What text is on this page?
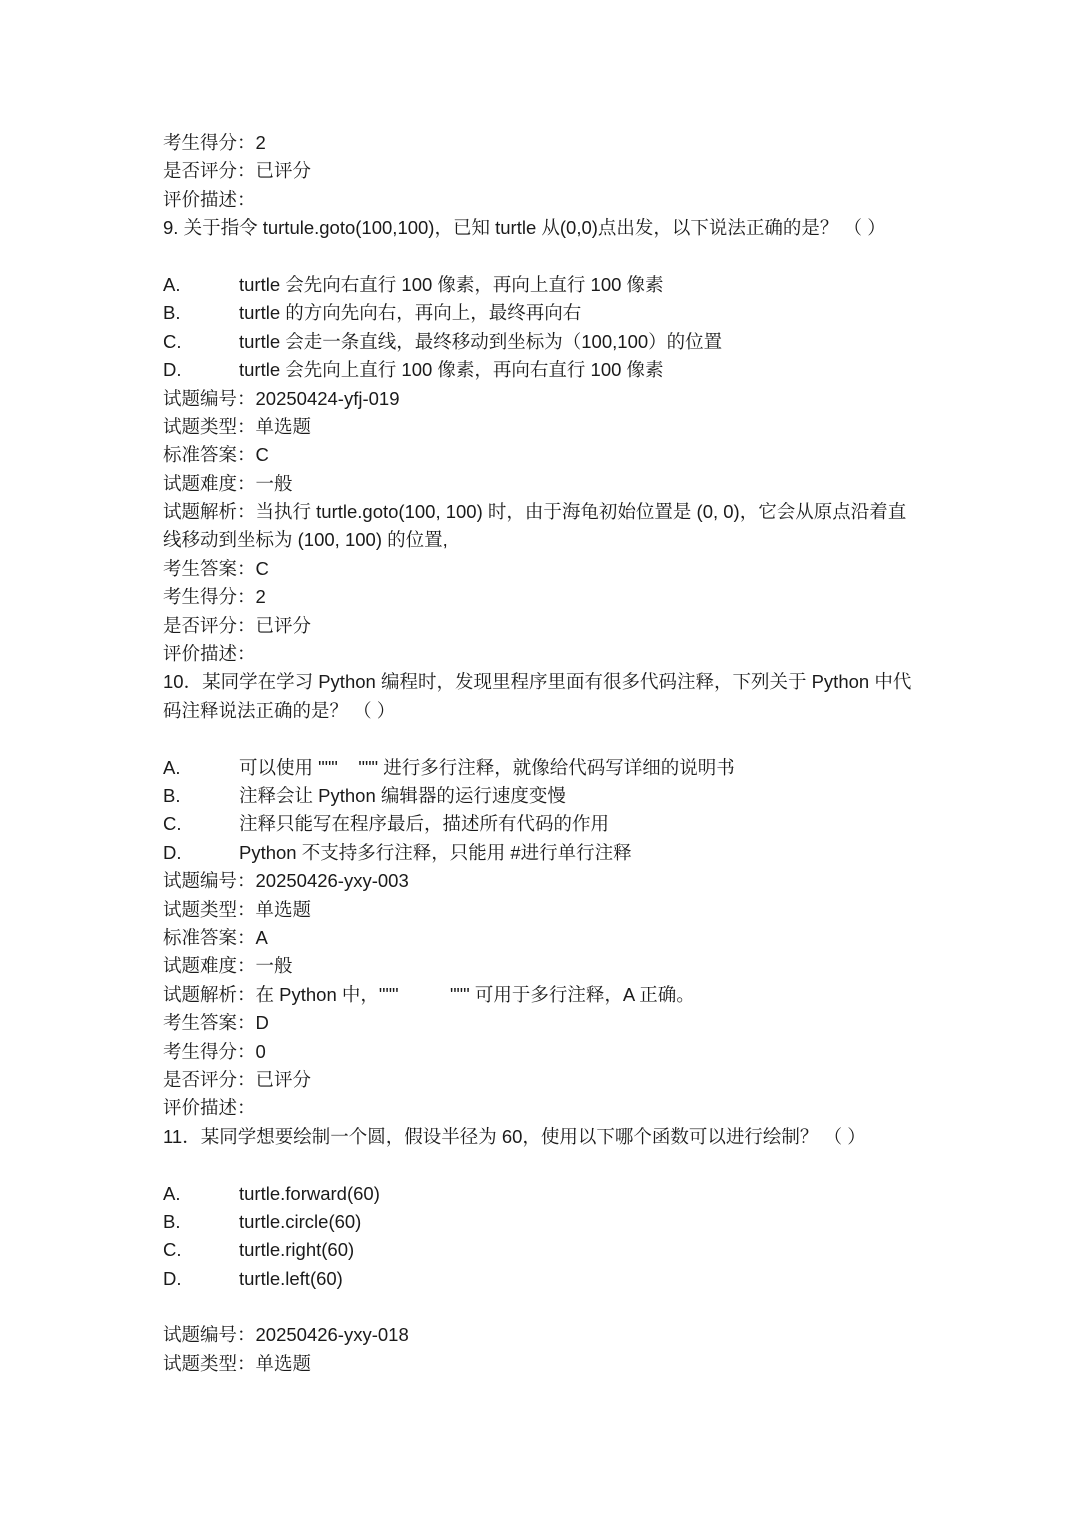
考生得分：2
是否评分：已评分
评价描述：
9. 关于指令 turtule.goto(100,100)，已知 turtle 从(0,0)点出发，以下说法正确的是？ （ ）
A.	turtle 会先向右直行 100 像素，再向上直行 100 像素
B.	turtle 的方向先向右，再向上，最终再向右
C.	turtle 会走一条直线，最终移动到坐标为（100,100）的位置
D.	turtle 会先向上直行 100 像素，再向右直行 100 像素
试题编号：20250424-yfj-019
试题类型：单选题
标准答案：C
试题难度：一般
试题解析：当执行 turtle.goto(100, 100) 时，由于海龟初始位置是 (0, 0)，它会从原点沿着直线移动到坐标为 (100, 100) 的位置,
考生答案：C
考生得分：2
是否评分：已评分
评价描述：
10．某同学在学习 Python 编程时，发现里程序里面有很多代码注释，下列关于 Python 中代码注释说法正确的是？ （ ）
A.	可以使用 """    """ 进行多行注释，就像给代码写详细的说明书
B.	注释会让 Python 编辑器的运行速度变慢
C.	注释只能写在程序最后，描述所有代码的作用
D.	Python 不支持多行注释，只能用 #进行单行注释
试题编号：20250426-yxy-003
试题类型：单选题
标准答案：A
试题难度：一般
试题解析：在 Python 中，"""          """ 可用于多行注释，A 正确。
考生答案：D
考生得分：0
是否评分：已评分
评价描述：
11．某同学想要绘制一个圆，假设半径为 60，使用以下哪个函数可以进行绘制？ （ ）
A.	turtle.forward(60)
B.	turtle.circle(60)
C.	turtle.right(60)
D.	turtle.left(60)
试题编号：20250426-yxy-018
试题类型：单选题
